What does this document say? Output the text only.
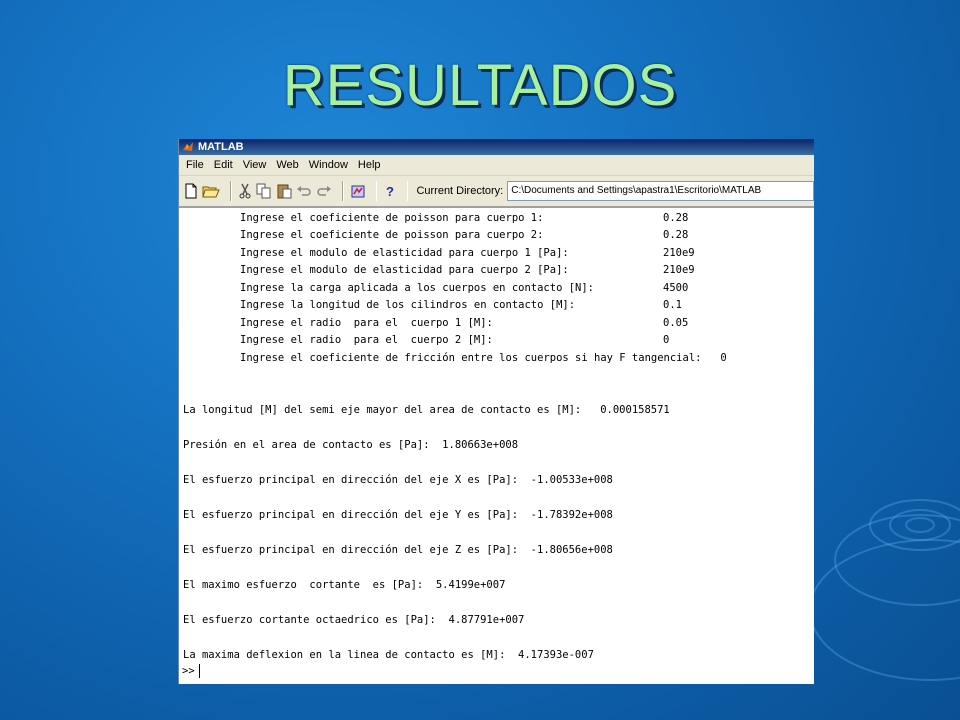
RESULTADOS
MATLAB
File Edit View Web Window Help
? Current Directory: C:\Documents and Settings\apastra1\Escritorio\MATLAB
Ingrese el coeficiente de poisson para cuerpo 1:	0.28
Ingrese el coeficiente de poisson para cuerpo 2:	0.28
Ingrese el modulo de elasticidad para cuerpo 1 [Pa]:	210e9
Ingrese el modulo de elasticidad para cuerpo 2 [Pa]:	210e9
Ingrese la carga aplicada a los cuerpos en contacto [N]:	4500
Ingrese la longitud de los cilindros en contacto [M]:	0.1
Ingrese el radio  para el  cuerpo 1 [M]:	0.05
Ingrese el radio  para el  cuerpo 2 [M]:	0
Ingrese el coeficiente de fricción entre los cuerpos si hay F tangencial:   0
La longitud [M] del semi eje mayor del area de contacto es [M]:   0.000158571
Presión en el area de contacto es [Pa]:  1.80663e+008
El esfuerzo principal en dirección del eje X es [Pa]:  -1.00533e+008
El esfuerzo principal en dirección del eje Y es [Pa]:  -1.78392e+008
El esfuerzo principal en dirección del eje Z es [Pa]:  -1.80656e+008
El maximo esfuerzo  cortante  es [Pa]:  5.4199e+007
El esfuerzo cortante octaedrico es [Pa]:  4.87791e+007
La maxima deflexion en la linea de contacto es [M]:  4.17393e-007
>>
